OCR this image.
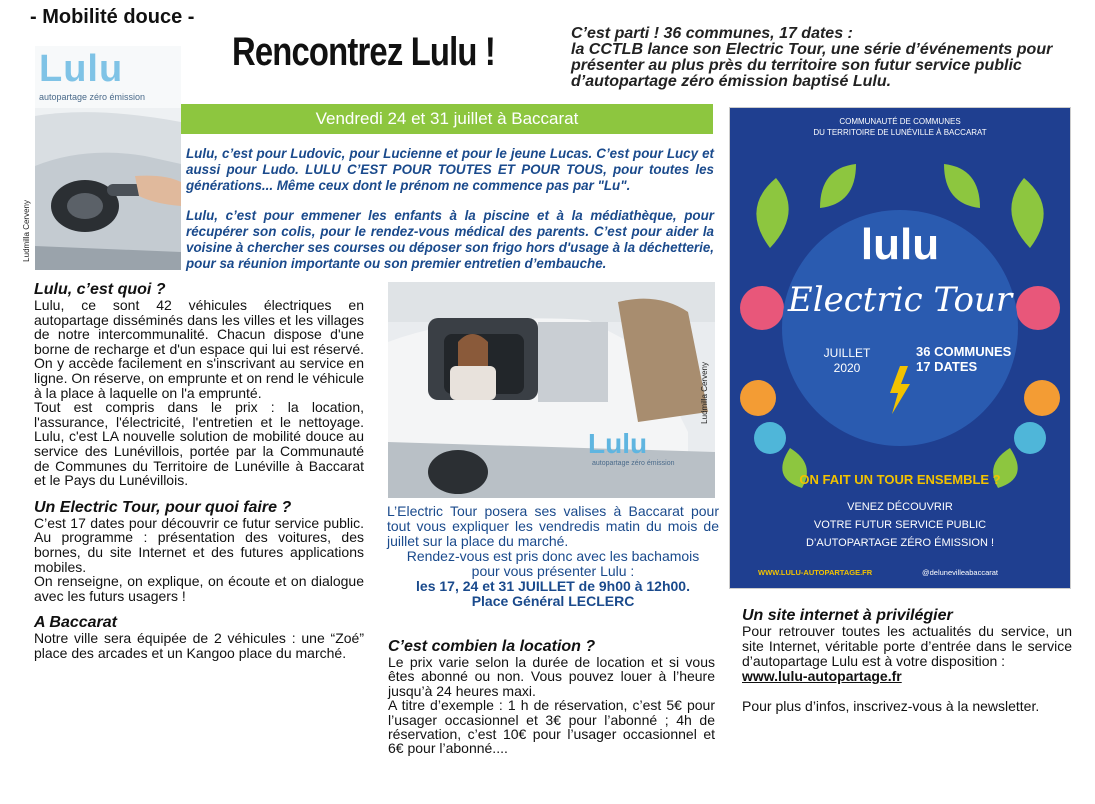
- Mobilité douce -
Rencontrez Lulu !	C’est parti ! 36 communes, 17 dates :
la CCTLB lance son Electric Tour, une série d’événements pour présenter au plus près du territoire son futur service public d’autopartage zéro émission baptisé Lulu.
Lulu
autopartage zéro émission
Ludmilla Cerveny
Vendredi 24 et 31 juillet à Baccarat

Lulu, c’est pour Ludovic, pour Lucienne et pour le jeune Lucas. C’est pour Lucy et aussi pour Ludo. LULU C’EST POUR TOUTES ET POUR TOUS, pour toutes les générations... Même ceux dont le prénom ne commence pas par "Lu".

Lulu, c’est pour emmener les enfants à la piscine et à la médiathèque, pour récupérer son colis, pour le rendez-vous médical des parents. C’est pour aider la voisine à chercher ses courses ou déposer son frigo hors d'usage à la déchetterie, pour sa réunion importante ou son premier entretien d’embauche.

Lulu, c’est quoi ?

Lulu, ce sont 42 véhicules électriques en autopartage disséminés dans les villes et les villages de notre intercommunalité. Chacun dispose d'une borne de recharge et d'un espace qui lui est réservé. On y accède facilement en s'inscrivant au service en ligne. On réserve, on emprunte et on rend le véhicule à la place à laquelle on l'a emprunté.

Tout est compris dans le prix : la location, l'assurance, l'électricité, l'entretien et le nettoyage. Lulu, c'est LA nouvelle solution de mobilité douce au service des Lunévillois, portée par la Communauté de Communes du Territoire de Lunéville à Baccarat et le Pays du Lunévillois.

Un Electric Tour, pour quoi faire ?

C’est 17 dates pour découvrir ce futur service public. Au programme : présentation des voitures, des bornes, du site Internet et des futures applications mobiles.

On renseigne, on explique, on écoute et on dialogue avec les futurs usagers !

A Baccarat

Notre ville sera équipée de 2 véhicules : une “Zoé” place des arcades et un Kangoo place du marché.

Lulu
autopartage zéro émission
Ludmilla Cerveny
L’Electric Tour posera ses valises à Baccarat pour tout vous expliquer les vendredis matin du mois de juillet sur la place du marché.
Rendez-vous est pris donc avec les bachamois
pour vous présenter Lulu :
les 17, 24 et 31 JUILLET de 9h00 à 12h00.
Place Général LECLERC
C’est combien la location ?

Le prix varie selon la durée de location et si vous êtes abonné ou non. Vous pouvez louer à l’heure jusqu’à 24 heures maxi.

A titre d’exemple : 1 h de réservation, c’est 5€ pour l’usager occasionnel et 3€ pour l’abonné ; 4h de réservation, c’est 10€ pour l’usager occasionnel et 6€ pour l’abonné....

COMMUNAUTÉ DE COMMUNES
DU TERRITOIRE DE LUNÉVILLE À BACCARAT
lulu
Electric Tour
JUILLET
2020
36 COMMUNES
17 DATES
ON FAIT UN TOUR ENSEMBLE ?
VENEZ DÉCOUVRIR
VOTRE FUTUR SERVICE PUBLIC
D’AUTOPARTAGE ZÉRO ÉMISSION !
WWW.LULU-AUTOPARTAGE.FR	@delunevilleabaccarat
Un site internet à privilégier

Pour retrouver toutes les actualités du service, un site Internet, véritable porte d’entrée dans le service d’autopartage Lulu est à votre disposition :

www.lulu-autopartage.fr

Pour plus d’infos, inscrivez-vous à la newsletter.
